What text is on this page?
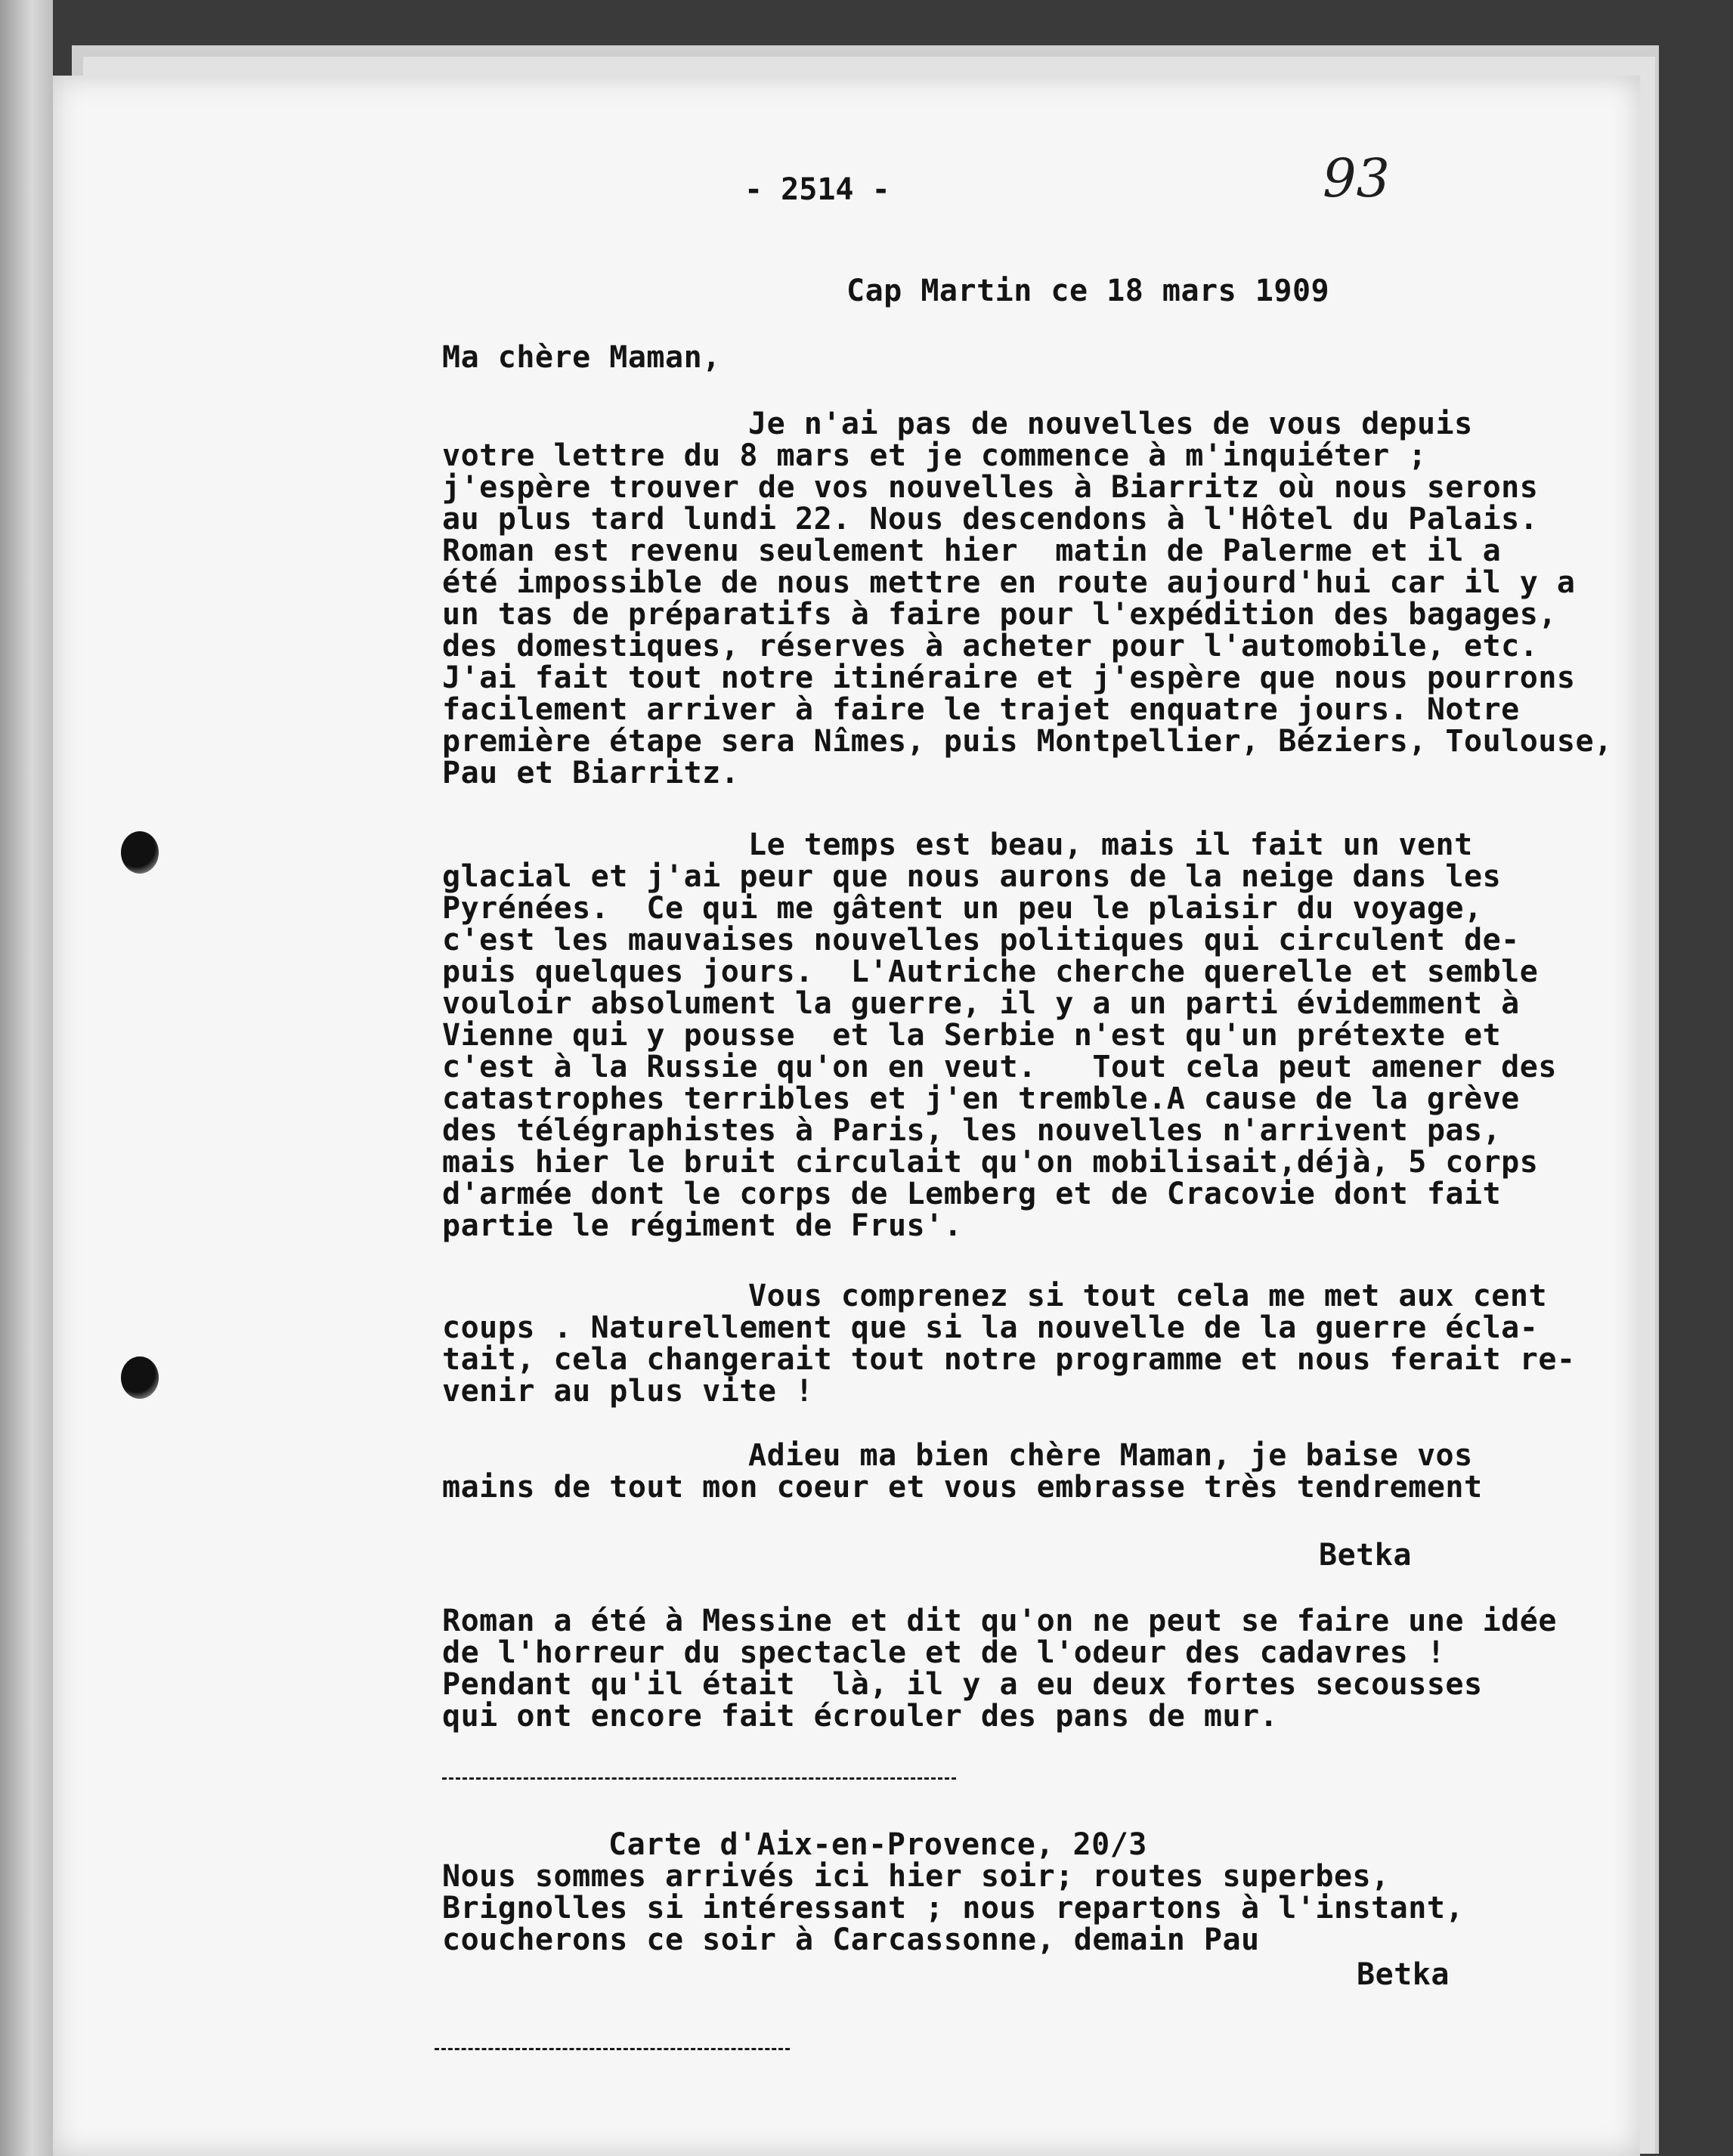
- 2514 -	93
Cap Martin ce 18 mars 1909
Ma chère Maman,
Je n'ai pas de nouvelles de vous depuis
votre lettre du 8 mars et je commence à m'inquiéter ;
j'espère trouver de vos nouvelles à Biarritz où nous serons
au plus tard lundi 22. Nous descendons à l'Hôtel du Palais.
Roman est revenu seulement hier  matin de Palerme et il a
été impossible de nous mettre en route aujourd'hui car il y a
un tas de préparatifs à faire pour l'expédition des bagages,
des domestiques, réserves à acheter pour l'automobile, etc.
J'ai fait tout notre itinéraire et j'espère que nous pourrons
facilement arriver à faire le trajet enquatre jours. Notre
première étape sera Nîmes, puis Montpellier, Béziers, Toulouse,
Pau et Biarritz.
Le temps est beau, mais il fait un vent
glacial et j'ai peur que nous aurons de la neige dans les
Pyrénées.  Ce qui me gâtent un peu le plaisir du voyage,
c'est les mauvaises nouvelles politiques qui circulent de-
puis quelques jours.  L'Autriche cherche querelle et semble
vouloir absolument la guerre, il y a un parti évidemment à
Vienne qui y pousse  et la Serbie n'est qu'un prétexte et
c'est à la Russie qu'on en veut.   Tout cela peut amener des
catastrophes terribles et j'en tremble.A cause de la grève
des télégraphistes à Paris, les nouvelles n'arrivent pas,
mais hier le bruit circulait qu'on mobilisait,déjà, 5 corps
d'armée dont le corps de Lemberg et de Cracovie dont fait
partie le régiment de Frus'.
Vous comprenez si tout cela me met aux cent
coups . Naturellement que si la nouvelle de la guerre écla-
tait, cela changerait tout notre programme et nous ferait re-
venir au plus vite !
Adieu ma bien chère Maman, je baise vos
mains de tout mon coeur et vous embrasse très tendrement
Betka
Roman a été à Messine et dit qu'on ne peut se faire une idée
de l'horreur du spectacle et de l'odeur des cadavres !
Pendant qu'il était  là, il y a eu deux fortes secousses
qui ont encore fait écrouler des pans de mur.
Carte d'Aix-en-Provence, 20/3
Nous sommes arrivés ici hier soir; routes superbes,
Brignolles si intéressant ; nous repartons à l'instant,
coucherons ce soir à Carcassonne, demain Pau
Betka
